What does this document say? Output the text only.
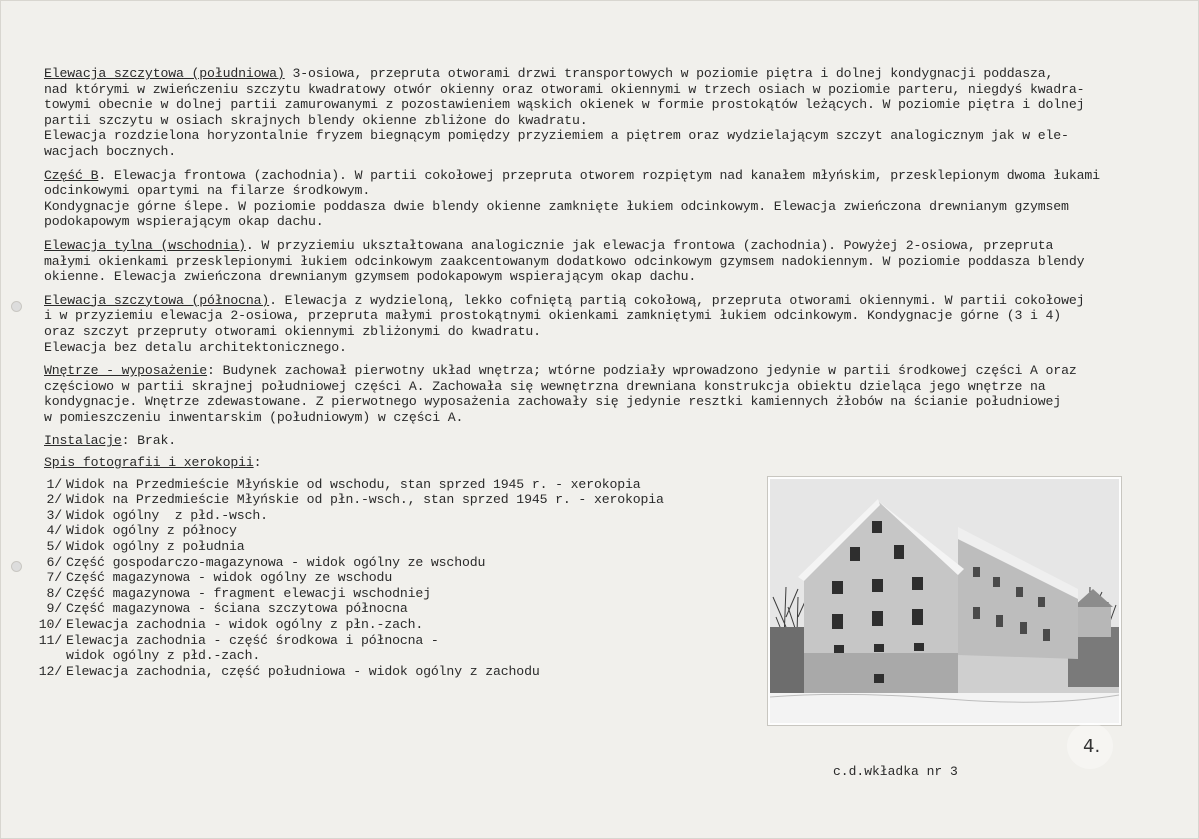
Elewacja szczytowa (południowa) 3-osiowa, przepruta otworami drzwi transportowych w poziomie piętra i dolnej kondygnacji poddasza,
nad którymi w zwieńczeniu szczytu kwadratowy otwór okienny oraz otworami okiennymi w trzech osiach w poziomie parteru, niegdyś kwadra-
towymi obecnie w dolnej partii zamurowanymi z pozostawieniem wąskich okienek w formie prostokątów leżących. W poziomie piętra i dolnej
partii szczytu w osiach skrajnych blendy okienne zbliżone do kwadratu.
Elewacja rozdzielona horyzontalnie fryzem biegnącym pomiędzy przyziemiem a piętrem oraz wydzielającym szczyt analogicznym jak w ele-
wacjach bocznych.

Część B. Elewacja frontowa (zachodnia). W partii cokołowej przepruta otworem rozpiętym nad kanałem młyńskim, przesklepionym dwoma łukami
odcinkowymi opartymi na filarze środkowym.
Kondygnacje górne ślepe. W poziomie poddasza dwie blendy okienne zamknięte łukiem odcinkowym. Elewacja zwieńczona drewnianym gzymsem
podokapowym wspierającym okap dachu.

Elewacja tylna (wschodnia). W przyziemiu ukształtowana analogicznie jak elewacja frontowa (zachodnia). Powyżej 2-osiowa, przepruta
małymi okienkami przesklepionymi łukiem odcinkowym zaakcentowanym dodatkowo odcinkowym gzymsem nadokiennym. W poziomie poddasza blendy
okienne. Elewacja zwieńczona drewnianym gzymsem podokapowym wspierającym okap dachu.

Elewacja szczytowa (północna). Elewacja z wydzieloną, lekko cofniętą partią cokołową, przepruta otworami okiennymi. W partii cokołowej
i w przyziemiu elewacja 2-osiowa, przepruta małymi prostokątnymi okienkami zamkniętymi łukiem odcinkowym. Kondygnacje górne (3 i 4)
oraz szczyt przepruty otworami okiennymi zbliżonymi do kwadratu.
Elewacja bez detalu architektonicznego.

Wnętrze - wyposażenie: Budynek zachował pierwotny układ wnętrza; wtórne podziały wprowadzono jedynie w partii środkowej części A oraz
częściowo w partii skrajnej południowej części A. Zachowała się wewnętrzna drewniana konstrukcja obiektu dzieląca jego wnętrze na
kondygnacje. Wnętrze zdewastowane. Z pierwotnego wyposażenia zachowały się jedynie resztki kamiennych żłobów na ścianie południowej
w pomieszczeniu inwentarskim (południowym) w części A.

Instalacje: Brak.

Spis fotografii i xerokopii:

1/ Widok na Przedmieście Młyńskie od wschodu, stan sprzed 1945 r. - xerokopia
2/ Widok na Przedmieście Młyńskie od płn.-wsch., stan sprzed 1945 r. - xerokopia
3/ Widok ogólny  z płd.-wsch.
4/ Widok ogólny z północy
5/ Widok ogólny z południa
6/ Część gospodarczo-magazynowa - widok ogólny ze wschodu
7/ Część magazynowa - widok ogólny ze wschodu
8/ Część magazynowa - fragment elewacji wschodniej
9/ Część magazynowa - ściana szczytowa północna
10/ Elewacja zachodnia - widok ogólny z płn.-zach.
11/ Elewacja zachodnia - część środkowa i północna -
widok ogólny z płd.-zach.
12/ Elewacja zachodnia, część południowa - widok ogólny z zachodu
4.
c.d.wkładka nr 3
